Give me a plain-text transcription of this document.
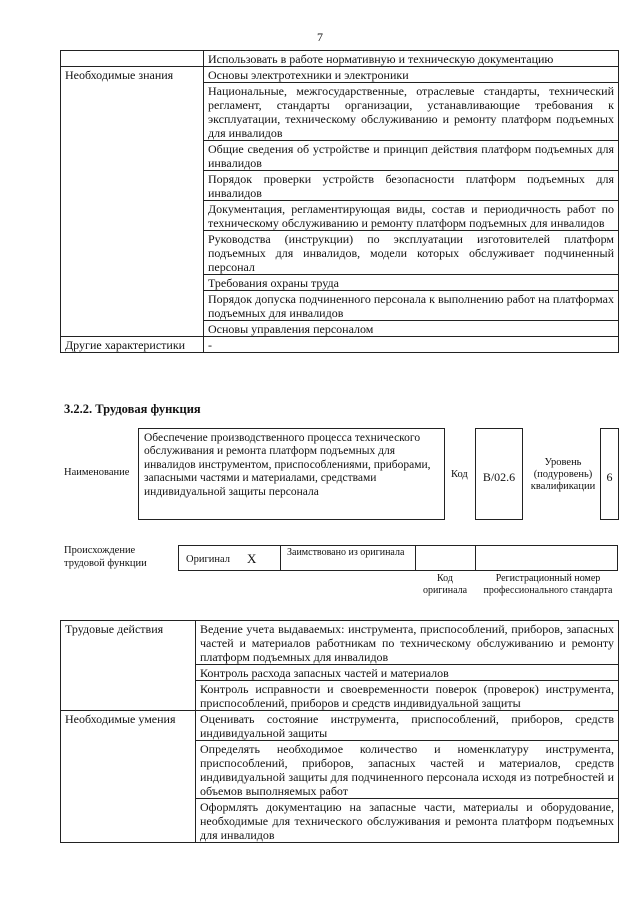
7
	Использовать в работе нормативную и техническую документацию
Необходимые знания	Основы электротехники и электроники
	Национальные, межгосударственные, отраслевые стандарты, технический регламент, стандарты организации, устанавливающие требования к эксплуатации, техническому обслуживанию и ремонту платформ подъемных для инвалидов
	Общие сведения об устройстве и принцип действия платформ подъемных для инвалидов
	Порядок проверки устройств безопасности платформ подъемных для инвалидов
	Документация, регламентирующая виды, состав и периодичность работ по техническому обслуживанию и ремонту платформ подъемных для инвалидов
	Руководства (инструкции) по эксплуатации изготовителей платформ подъемных для инвалидов, модели которых обслуживает подчиненный персонал
	Требования охраны труда
	Порядок допуска подчиненного персонала к выполнению работ на платформах подъемных для инвалидов
	Основы управления персоналом
Другие характеристики	-
3.2.2. Трудовая функция
Наименование
Обеспечение производственного процесса технического обслуживания и ремонта платформ подъемных для инвалидов инструментом, приспособлениями, приборами, запасными частями и материалами, средствами индивидуальной защиты персонала
Код	B/02.6
Уровень (подуровень) квалификации
6
Происхождение трудовой функции	Оригинал X	Заимствовано из оригинала
Код оригинала
Регистрационный номер профессионального стандарта
Трудовые действия	Ведение учета выдаваемых: инструмента, приспособлений, приборов, запасных частей и материалов работникам по техническому обслуживанию и ремонту платформ подъемных для инвалидов
	Контроль расхода запасных частей и материалов
	Контроль исправности и своевременности поверок (проверок) инструмента, приспособлений, приборов и средств индивидуальной защиты
Необходимые умения	Оценивать состояние инструмента, приспособлений, приборов, средств индивидуальной защиты
	Определять необходимое количество и номенклатуру инструмента, приспособлений, приборов, запасных частей и материалов, средств индивидуальной защиты для подчиненного персонала исходя из потребностей и объемов выполняемых работ
	Оформлять документацию на запасные части, материалы и оборудование, необходимые для технического обслуживания и ремонта платформ подъемных для инвалидов
